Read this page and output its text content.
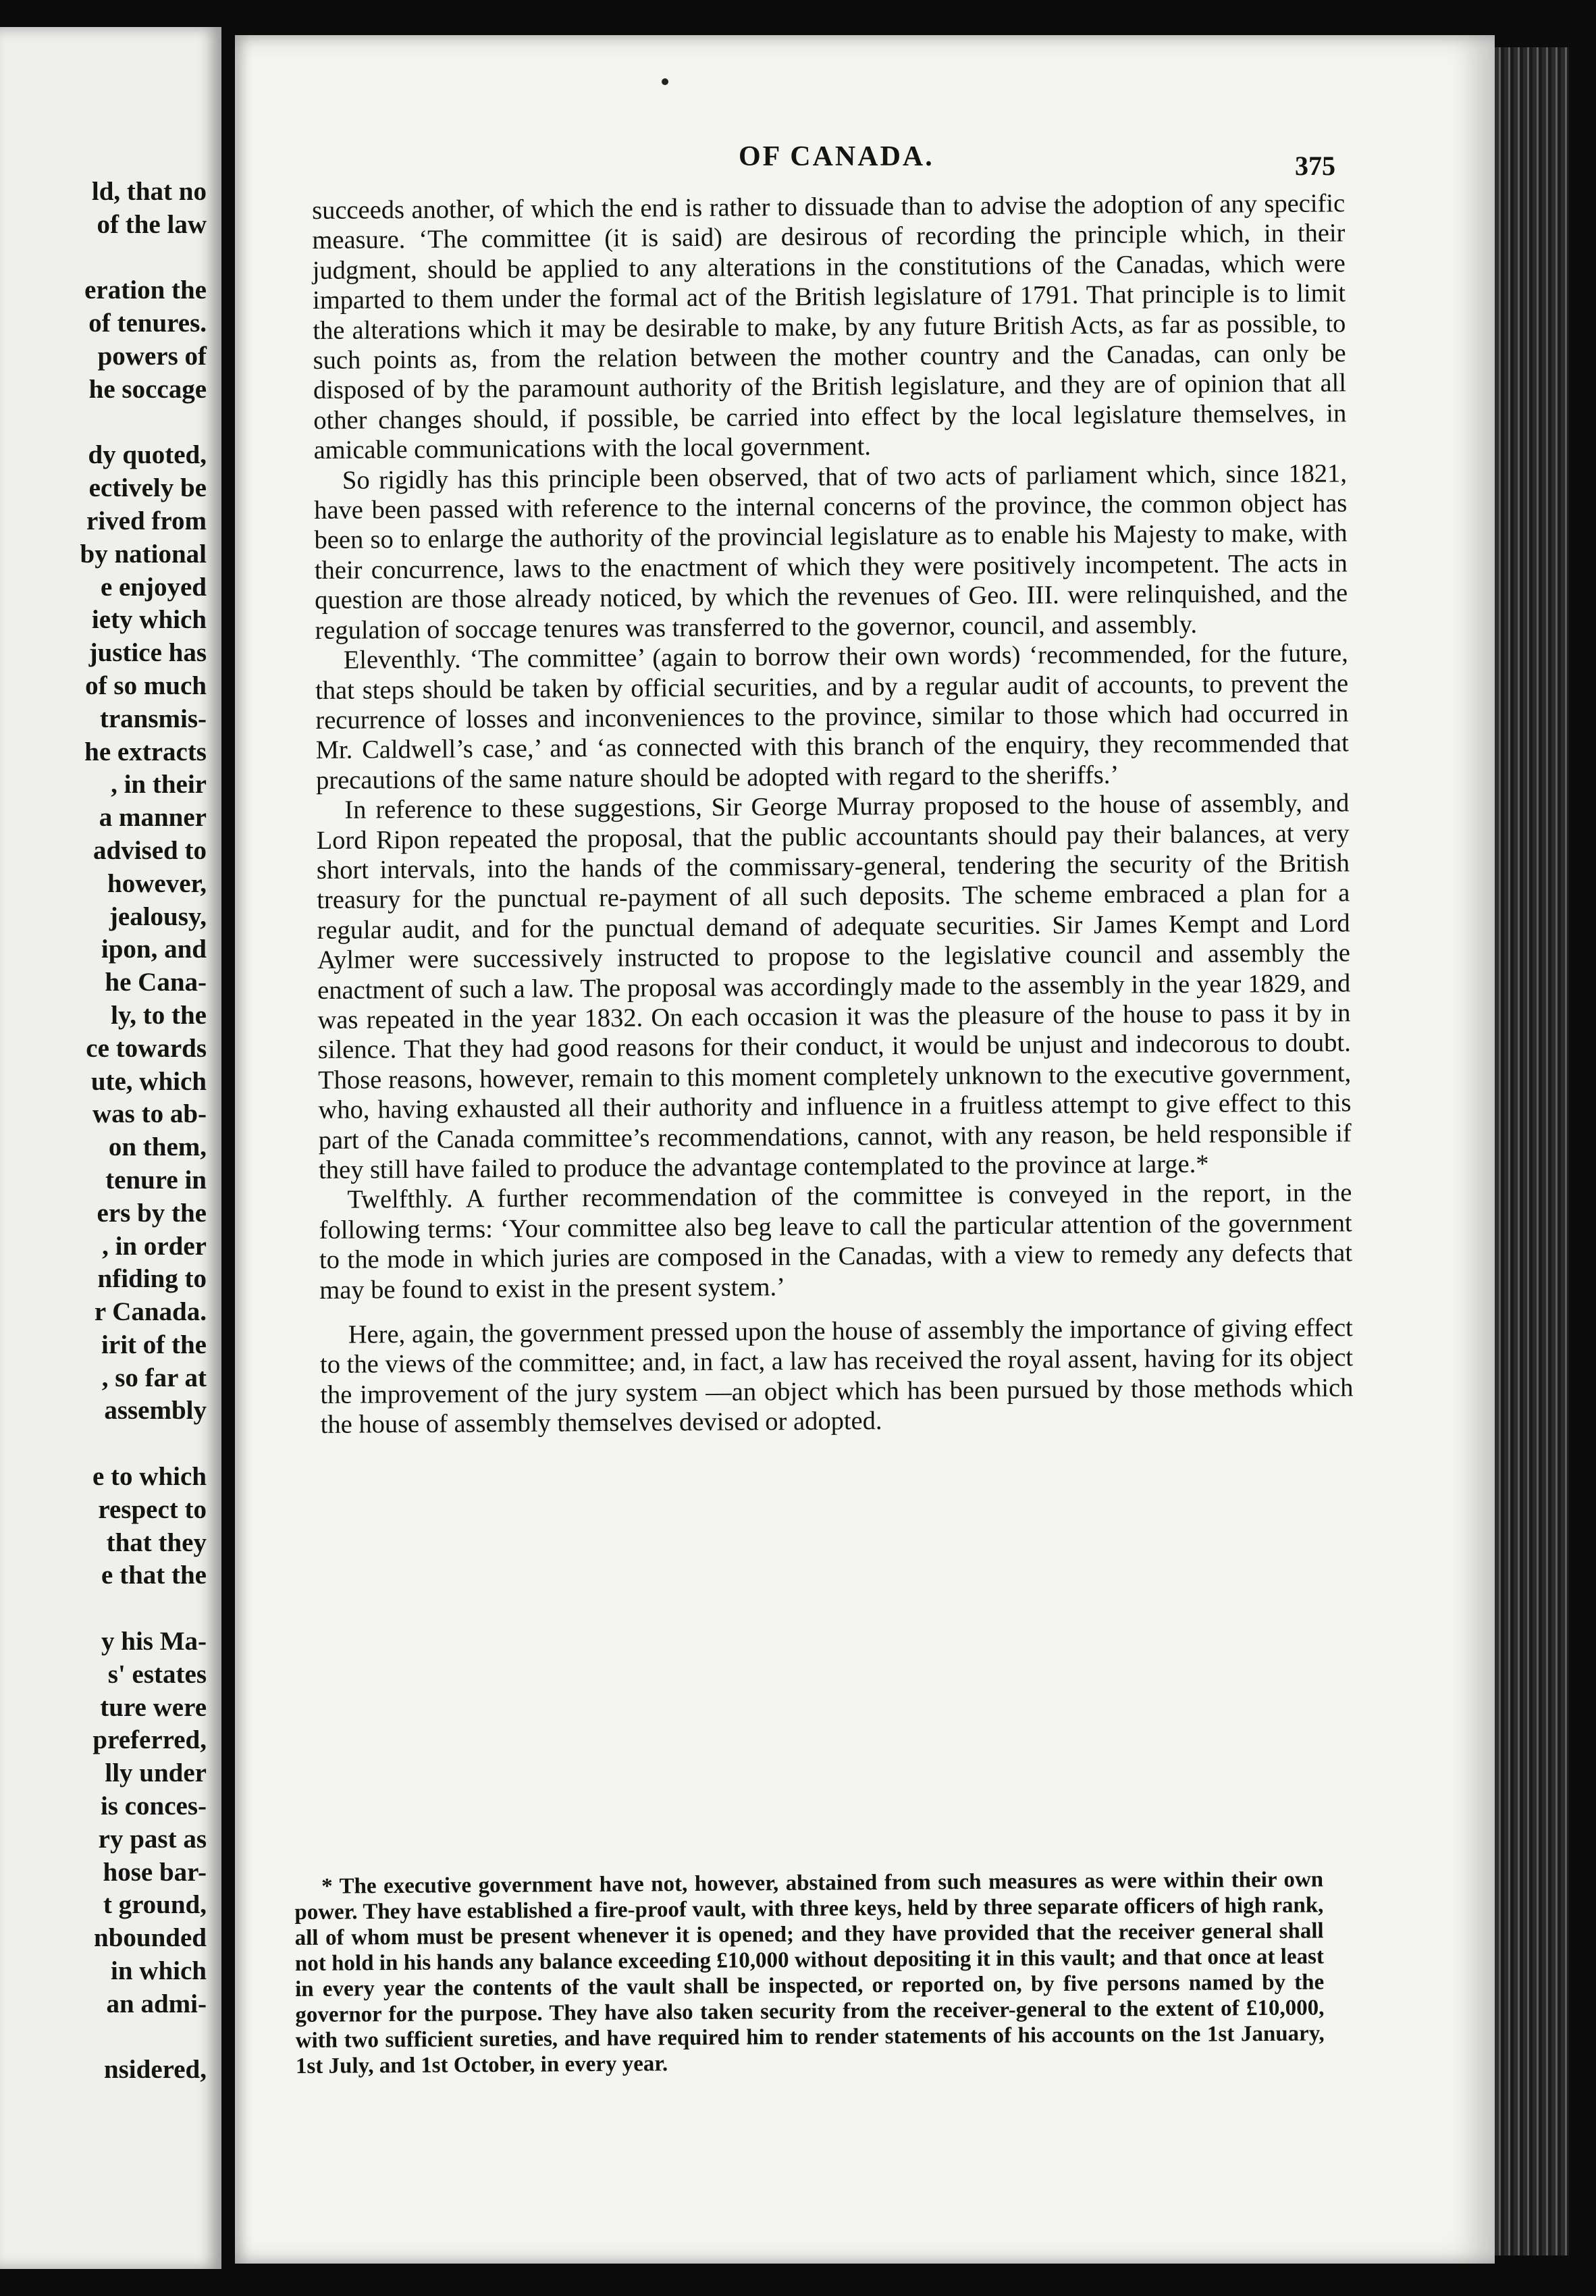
ld, that no
of the law

eration the
of tenures.
powers of
he soccage

dy quoted,
ectively be
rived from
by national
e enjoyed
iety which
justice has
of so much
transmis-
he extracts
, in their
a manner
advised to
however,
jealousy,
ipon, and
he Cana-
ly, to the
ce towards
ute, which
was to ab-
on them,
tenure in
ers by the
, in order
nfiding to
r Canada.
irit of the
, so far at
assembly

e to which
respect to
that they
e that the

y his Ma-
s' estates
ture were
preferred,
lly under
is conces-
ry past as
hose bar-
t ground,
nbounded
in which
an admi-

nsidered,
OF CANADA.	375

succeeds another, of which the end is rather to dissuade than to advise the adoption of any specific measure. ‘The committee (it is said) are desirous of recording the principle which, in their judgment, should be applied to any alterations in the constitutions of the Canadas, which were imparted to them under the formal act of the British legislature of 1791. That principle is to limit the alterations which it may be desirable to make, by any future British Acts, as far as possible, to such points as, from the relation between the mother country and the Canadas, can only be disposed of by the paramount authority of the British legislature, and they are of opinion that all other changes should, if possible, be carried into effect by the local legislature themselves, in amicable communications with the local government.

So rigidly has this principle been observed, that of two acts of parliament which, since 1821, have been passed with reference to the internal concerns of the province, the common object has been so to enlarge the authority of the provincial legislature as to enable his Majesty to make, with their concurrence, laws to the enactment of which they were positively incompetent. The acts in question are those already noticed, by which the revenues of Geo. III. were relinquished, and the regulation of soccage tenures was transferred to the governor, council, and assembly.

Eleventhly. ‘The committee’ (again to borrow their own words) ‘recommended, for the future, that steps should be taken by official securities, and by a regular audit of accounts, to prevent the recurrence of losses and inconveniences to the province, similar to those which had occurred in Mr. Caldwell’s case,’ and ‘as connected with this branch of the enquiry, they recommended that precautions of the same nature should be adopted with regard to the sheriffs.’

In reference to these suggestions, Sir George Murray proposed to the house of assembly, and Lord Ripon repeated the proposal, that the public accountants should pay their balances, at very short intervals, into the hands of the commissary-general, tendering the security of the British treasury for the punctual re-payment of all such deposits. The scheme embraced a plan for a regular audit, and for the punctual demand of adequate securities. Sir James Kempt and Lord Aylmer were successively instructed to propose to the legislative council and assembly the enactment of such a law. The proposal was accordingly made to the assembly in the year 1829, and was repeated in the year 1832. On each occasion it was the pleasure of the house to pass it by in silence. That they had good reasons for their conduct, it would be unjust and indecorous to doubt. Those reasons, however, remain to this moment completely unknown to the executive government, who, having exhausted all their authority and influence in a fruitless attempt to give effect to this part of the Canada committee’s recommendations, cannot, with any reason, be held responsible if they still have failed to produce the advantage contemplated to the province at large.*

Twelfthly. A further recommendation of the committee is conveyed in the report, in the following terms: ‘Your committee also beg leave to call the particular attention of the government to the mode in which juries are composed in the Canadas, with a view to remedy any defects that may be found to exist in the present system.’

Here, again, the government pressed upon the house of assembly the importance of giving effect to the views of the committee; and, in fact, a law has received the royal assent, having for its object the improvement of the jury system —an object which has been pursued by those methods which the house of assembly themselves devised or adopted.

* The executive government have not, however, abstained from such measures as were within their own power. They have established a fire-proof vault, with three keys, held by three separate officers of high rank, all of whom must be present whenever it is opened; and they have provided that the receiver general shall not hold in his hands any balance exceeding £10,000 without depositing it in this vault; and that once at least in every year the contents of the vault shall be inspected, or reported on, by five persons named by the governor for the purpose. They have also taken security from the receiver-general to the extent of £10,000, with two sufficient sureties, and have required him to render statements of his accounts on the 1st January, 1st July, and 1st October, in every year.
